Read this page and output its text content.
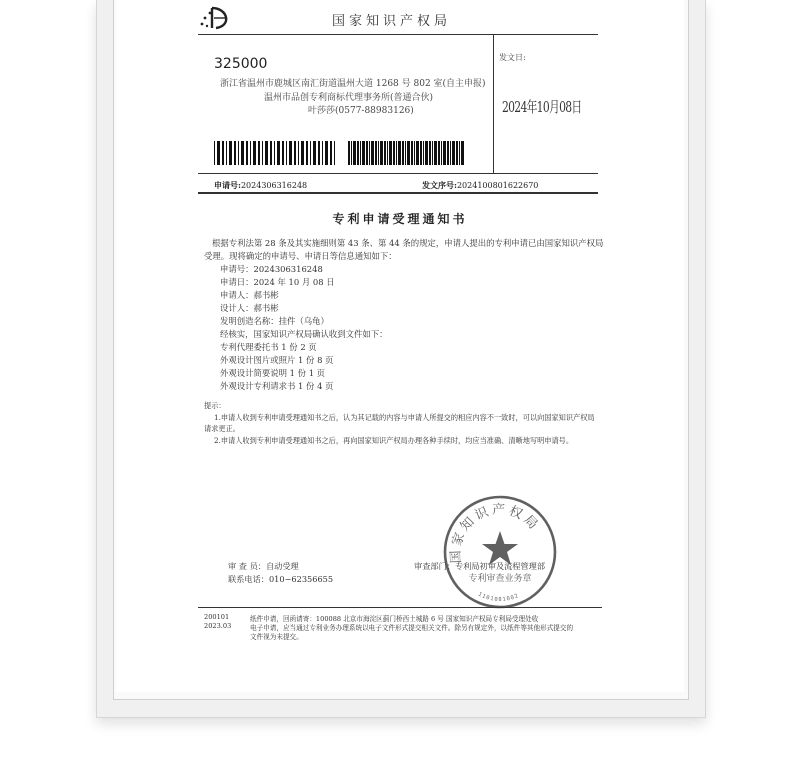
国家知识产权局
325000
浙江省温州市鹿城区南汇街道温州大道 1268 号 802 室(自主申报)
温州市品创专利商标代理事务所(普通合伙)
叶莎莎(0577-88983126)
发文日:
2024年10月08日
申请号:2024306316248	发文序号:2024100801622670
专利申请受理通知书
根据专利法第 28 条及其实施细则第 43 条、第 44 条的规定，申请人提出的专利申请已由国家知识产权局
受理。现将确定的申请号、申请日等信息通知如下：
申请号：2024306316248
申请日：2024 年 10 月 08 日
申请人：郝书彬
设计人：郝书彬
发明创造名称：挂件（乌龟）
经核实，国家知识产权局确认收到文件如下：
专利代理委托书 1 份 2 页
外观设计图片或照片 1 份 8 页
外观设计简要说明 1 份 1 页
外观设计专利请求书 1 份 4 页
提示：
1.申请人收到专利申请受理通知书之后，认为其记载的内容与申请人所提交的相应内容不一致时，可以向国家知识产权局
请求更正。
2.申请人收到专利申请受理通知书之后，再向国家知识产权局办理各种手续时，均应当准确、清晰地写明申请号。
审 查 员：自动受理
联系电话：010−62356655
审查部门：专利局初审及流程管理部
国家知识产权局
专利审查业务章
1101081002
200101
2023.03
纸件申请，回函请寄：100088 北京市海淀区蓟门桥西土城路 6 号 国家知识产权局专利局受理处收
电子申请，应当通过专利业务办理系统以电子文件形式提交相关文件。除另有规定外，以纸件等其他形式提交的
文件视为未提交。
